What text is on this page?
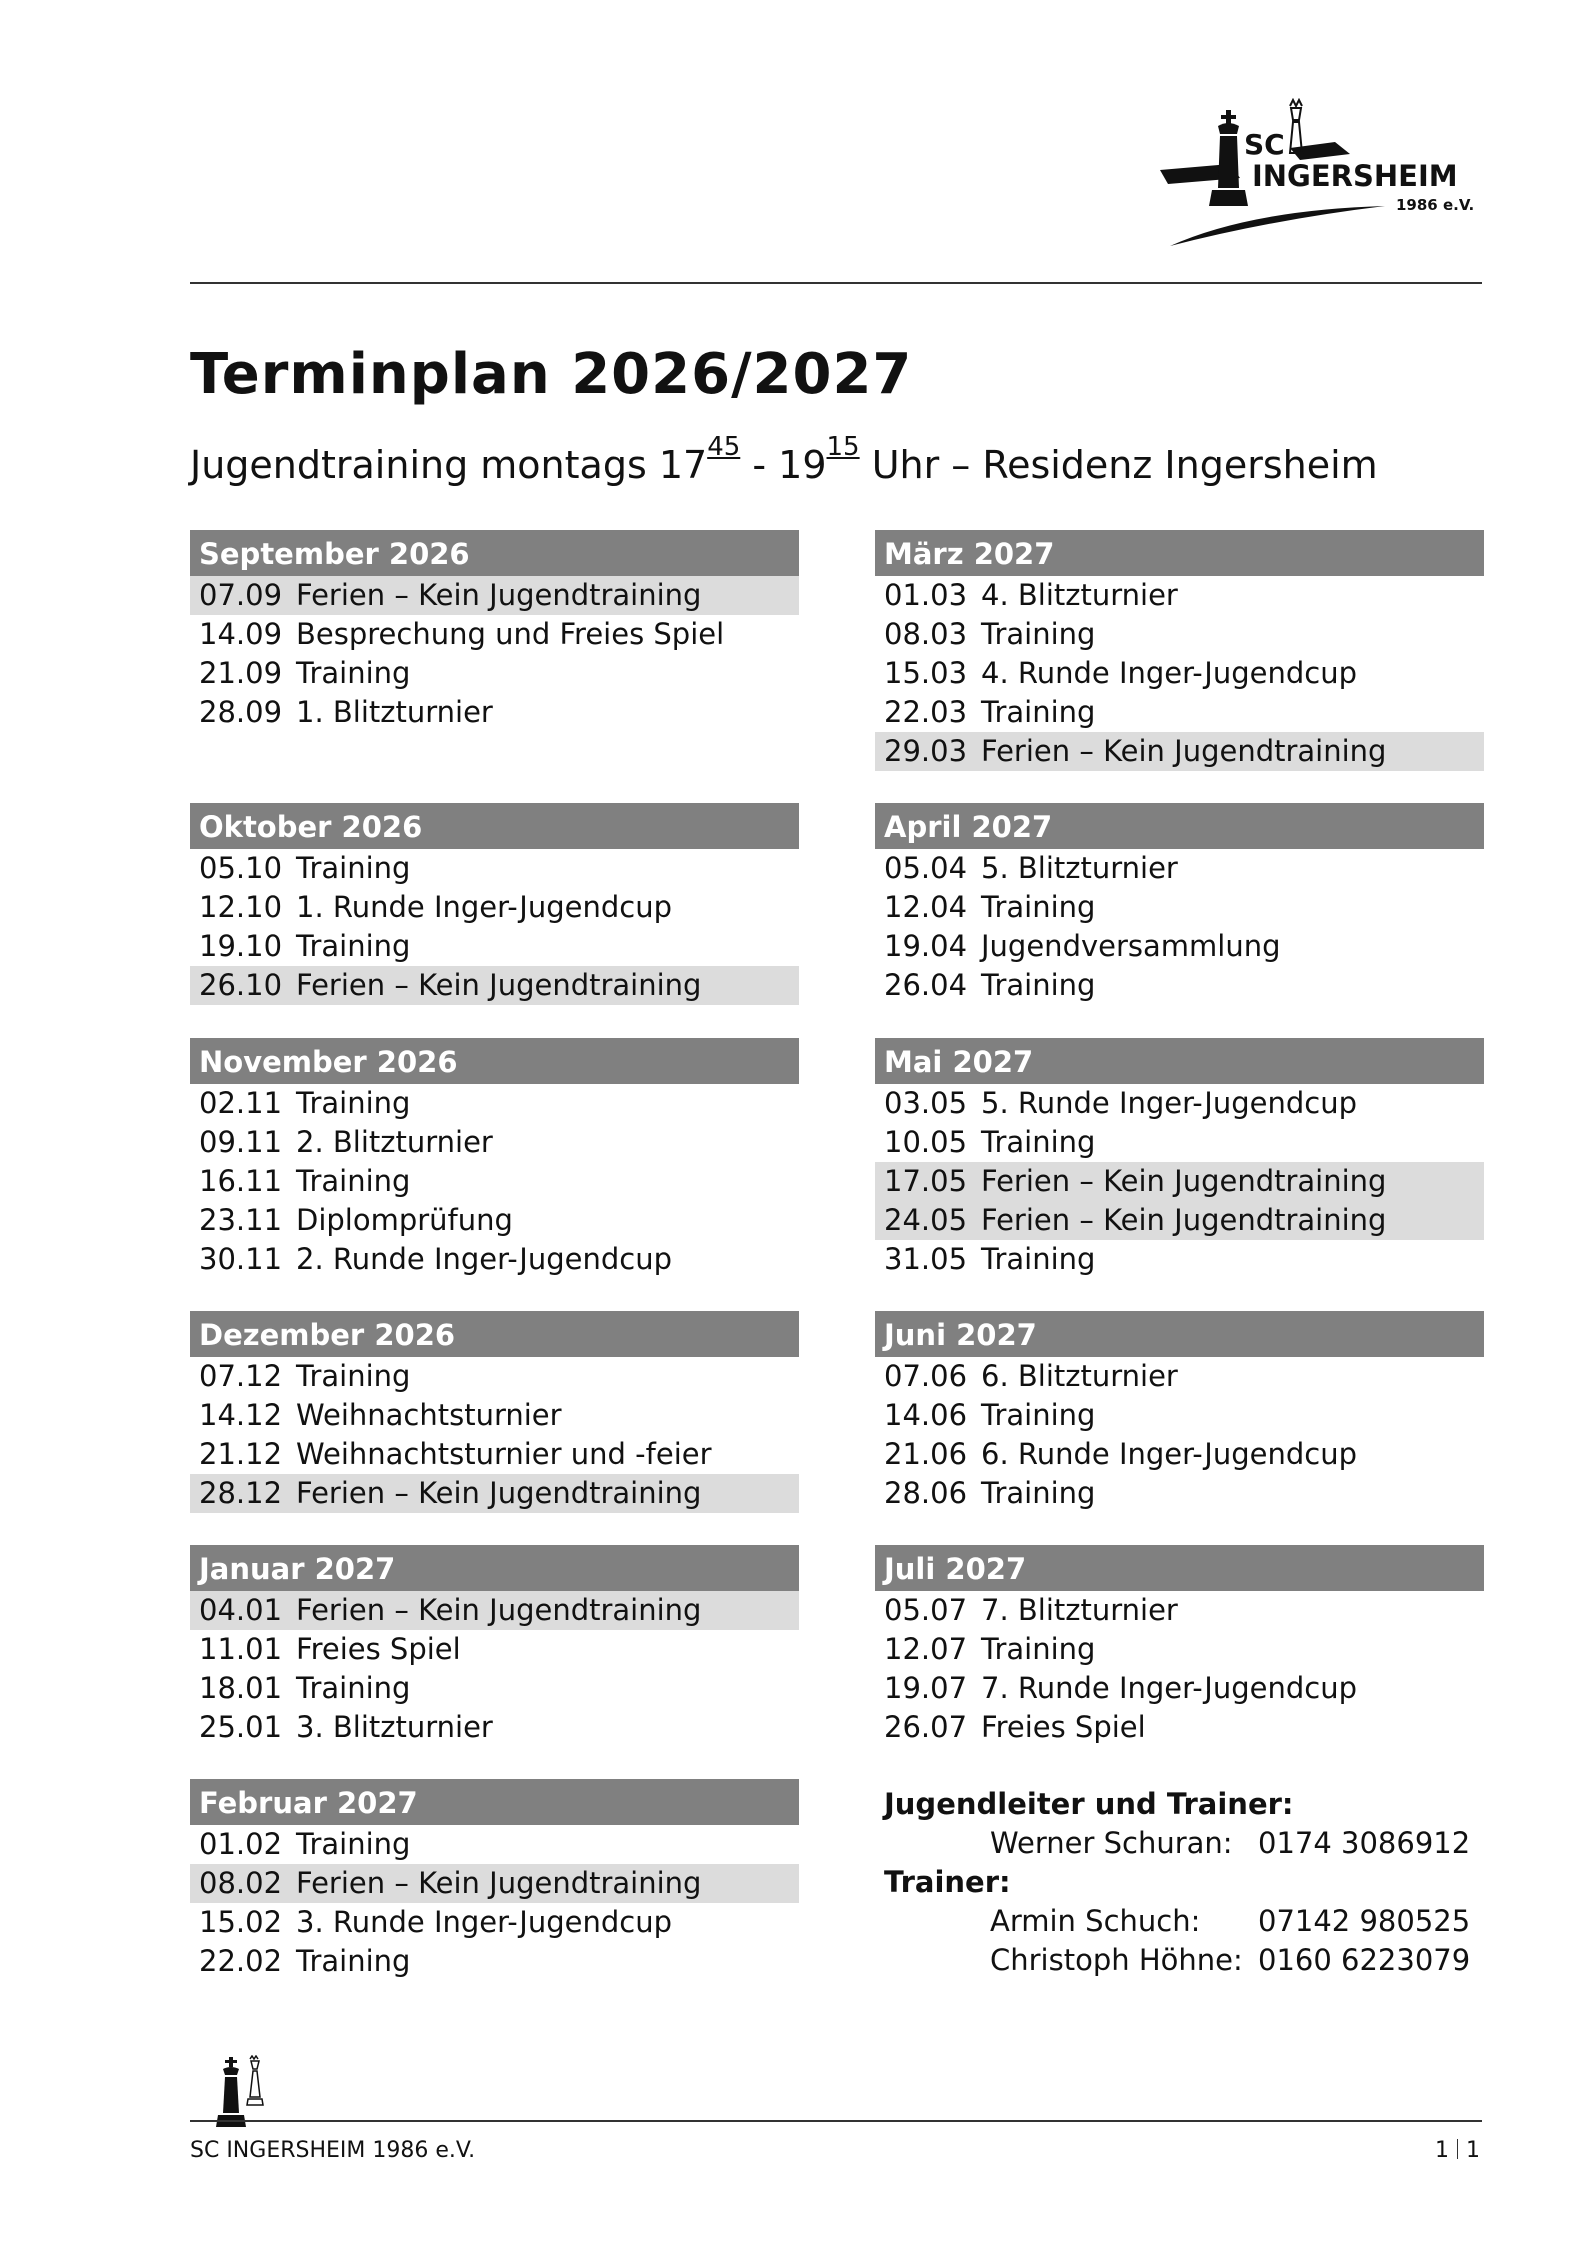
SC
INGERSHEIM
1986 e.V.
Terminplan 2026/2027
Jugendtraining montags $17^{45} - 19^{15}$ Uhr – Residenz Ingersheim
September 2026
07.09 Ferien – Kein Jugendtraining
14.09 Besprechung und Freies Spiel
21.09 Training
28.09 1. Blitzturnier
Oktober 2026
05.10 Training
12.10 1. Runde Inger-Jugendcup
19.10 Training
26.10 Ferien – Kein Jugendtraining
November 2026
02.11 Training
09.11 2. Blitzturnier
16.11 Training
23.11 Diplomprüfung
30.11 2. Runde Inger-Jugendcup
Dezember 2026
07.12 Training
14.12 Weihnachtsturnier
21.12 Weihnachtsturnier und -feier
28.12 Ferien – Kein Jugendtraining
Januar 2027
04.01 Ferien – Kein Jugendtraining
11.01 Freies Spiel
18.01 Training
25.01 3. Blitzturnier
Februar 2027
01.02 Training
08.02 Ferien – Kein Jugendtraining
15.02 3. Runde Inger-Jugendcup
22.02 Training
Jugendleiter und Trainer:
Werner Schuran: 0174 3086912
Trainer:
Armin Schuch:	07142 980525
Christoph Höhne: 0160 6223079
März 2027
01.03 4. Blitzturnier
08.03 Training
15.03 4. Runde Inger-Jugendcup
22.03 Training
29.03 Ferien – Kein Jugendtraining
April 2027
05.04 5. Blitzturnier
12.04 Training
19.04 Jugendversammlung
26.04 Training
Mai 2027
03.05 5. Runde Inger-Jugendcup
10.05 Training
17.05 Ferien – Kein Jugendtraining
24.05 Ferien – Kein Jugendtraining
31.05 Training
Juni 2027
07.06 6. Blitzturnier
14.06 Training
21.06 6. Runde Inger-Jugendcup
28.06 Training
Juli 2027
05.07 7. Blitzturnier
12.07 Training
19.07 7. Runde Inger-Jugendcup
26.07 Freies Spiel
SC INGERSHEIM 1986 e.V.	1 1
